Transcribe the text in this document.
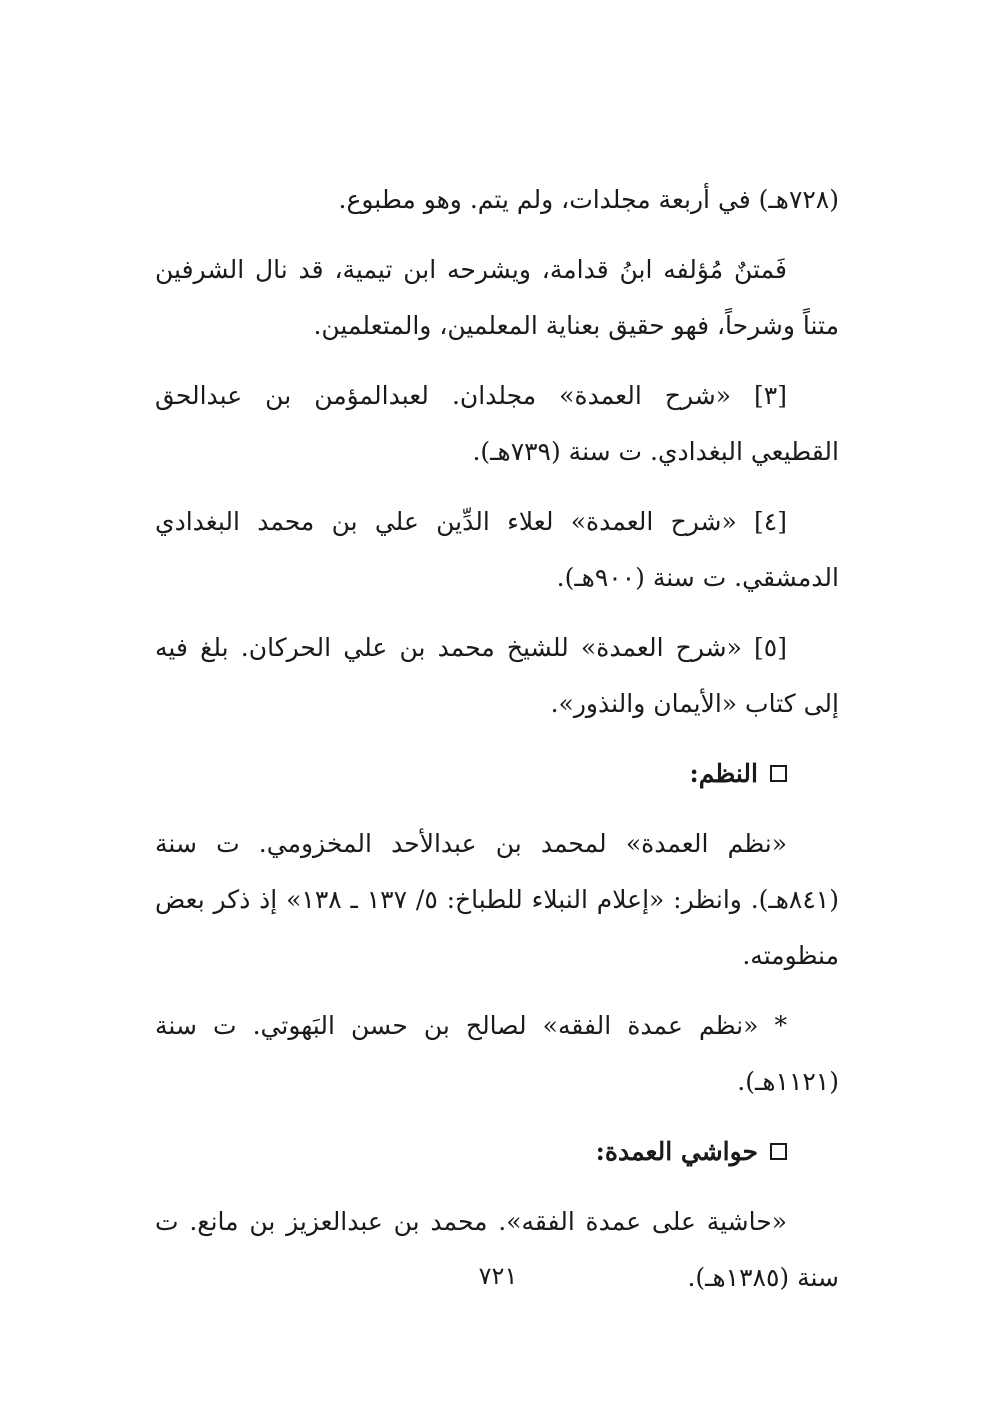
(٧٢٨هـ) في أربعة مجلدات، ولم يتم. وهو مطبوع.

فَمتنٌ مُؤلفه ابنُ قدامة، ويشرحه ابن تيمية، قد نال الشرفين متناً وشرحاً، فهو حقيق بعناية المعلمين، والمتعلمين.

[٣] «شرح العمدة» مجلدان. لعبدالمؤمن بن عبدالحق القطيعي البغدادي. ت سنة (٧٣٩هـ).

[٤] «شرح العمدة» لعلاء الدِّين علي بن محمد البغدادي الدمشقي. ت سنة (٩٠٠هـ).

[٥] «شرح العمدة» للشيخ محمد بن علي الحركان. بلغ فيه إلى كتاب «الأيمان والنذور».

النظم:

«نظم العمدة» لمحمد بن عبدالأحد المخزومي. ت سنة (٨٤١هـ). وانظر: «إعلام النبلاء للطباخ: ٥/ ١٣٧ ـ ١٣٨» إذ ذكر بعض منظومته.

* «نظم عمدة الفقه» لصالح بن حسن البَهوتي. ت سنة (١١٢١هـ).

حواشي العمدة:

«حاشية على عمدة الفقه». محمد بن عبدالعزيز بن مانع. ت سنة (١٣٨٥هـ).

٧٢١
